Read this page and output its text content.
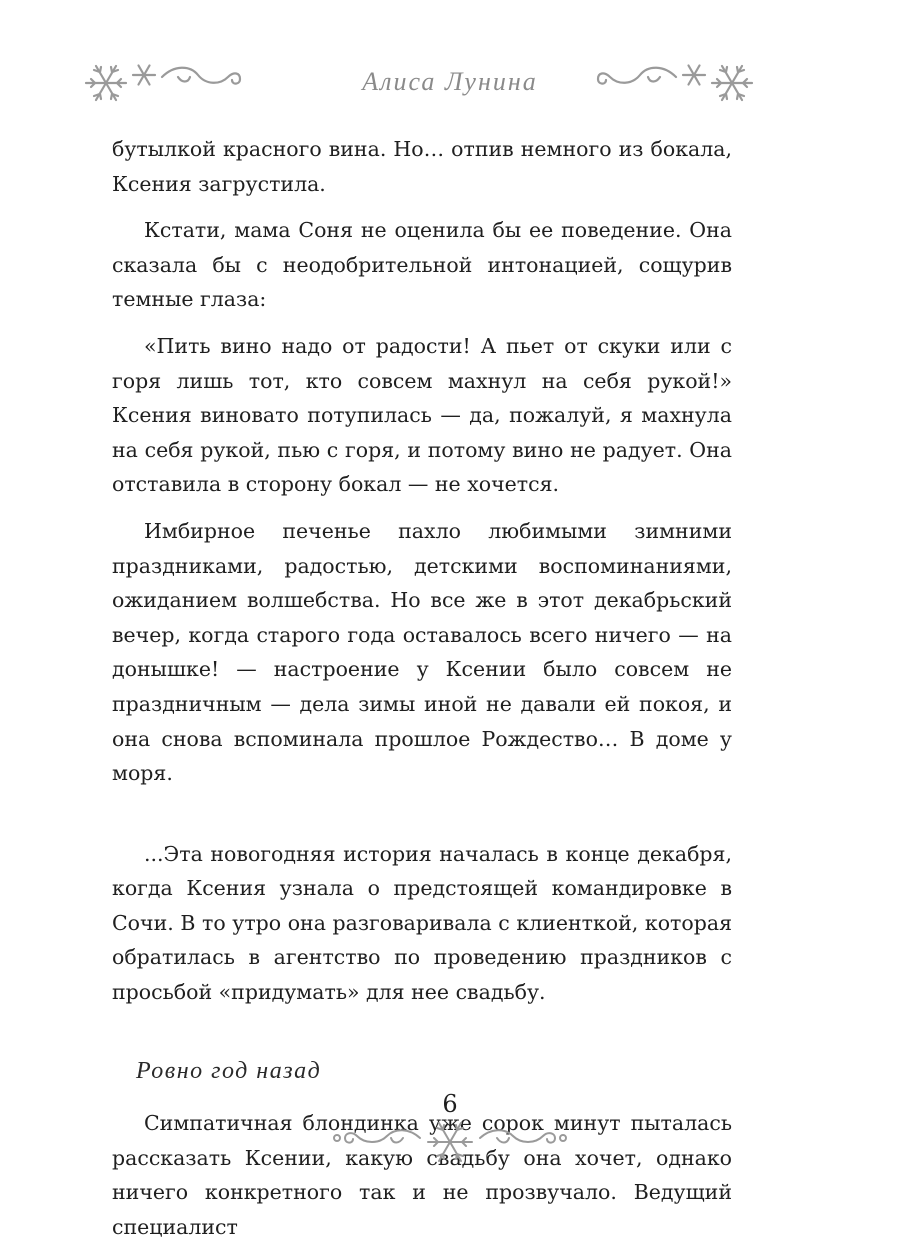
Алиса Лунина

бутылкой красного вина. Но… отпив немного из бокала, Ксения загрустила.

Кстати, мама Соня не оценила бы ее поведение. Она сказала бы с неодобрительной интонацией, сощурив темные глаза:

«Пить вино надо от радости! А пьет от скуки или с горя лишь тот, кто совсем махнул на себя рукой!» Ксения виновато потупилась — да, пожалуй, я махнула на себя рукой, пью с горя, и потому вино не радует. Она отставила в сторону бокал — не хочется.

Имбирное печенье пахло любимыми зимними праздниками, радостью, детскими воспоминаниями, ожиданием волшебства. Но все же в этот декабрьский вечер, когда старого года оставалось всего ничего — на донышке! — настроение у Ксении было совсем не праздничным — дела зимы иной не давали ей покоя, и она снова вспоминала прошлое Рождество… В доме у моря.

...Эта новогодняя история началась в конце декабря, когда Ксения узнала о предстоящей командировке в Сочи. В то утро она разговаривала с клиенткой, которая обратилась в агентство по проведению праздников с просьбой «придумать» для нее свадьбу.

Ровно год назад

Симпатичная блондинка уже сорок минут пыталась рассказать Ксении, какую свадьбу она хочет, однако ничего конкретного так и не прозвучало. Ведущий специалист

6
